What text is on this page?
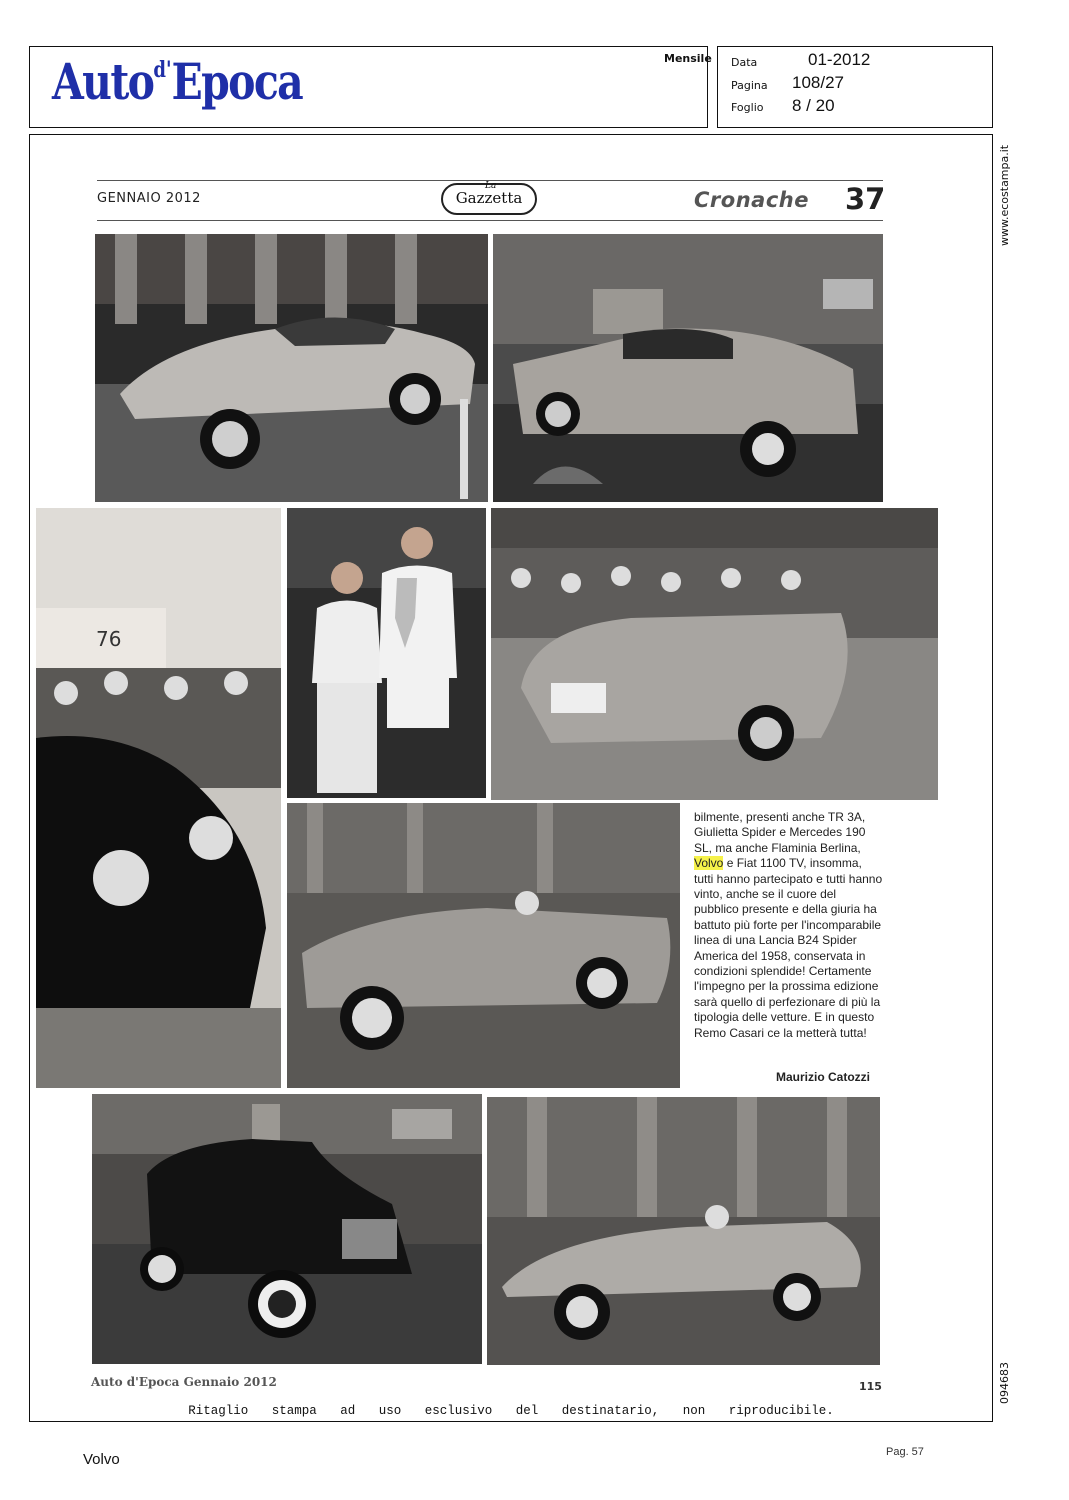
Auto$^{d'}$Epoca	Mensile Data	01-2012
Pagina 108/27
Foglio 8 / 20
www.ecostampa.it
094683
GENNAIO 2012
La
Gazzetta	Cronache 37
76
bilmente, presenti anche TR 3A, Giulietta Spider e Mercedes 190 SL, ma anche Flaminia Berlina, Volvo e Fiat 1100 TV, insomma, tutti hanno partecipato e tutti hanno vinto, anche se il cuore del pubblico presente e della giuria ha battuto più forte per l'incomparabile linea di una Lancia B24 Spider America del 1958, conservata in condizioni splendide! Certamente l'impegno per la prossima edizione sarà quello di perfezionare di più la tipologia delle vetture. E in questo Remo Casari ce la metterà tutta!
Maurizio Catozzi
Auto d'Epoca Gennaio 2012	115
Ritaglio stampa ad uso esclusivo del destinatario, non riproducibile.
Volvo	Pag. 57
